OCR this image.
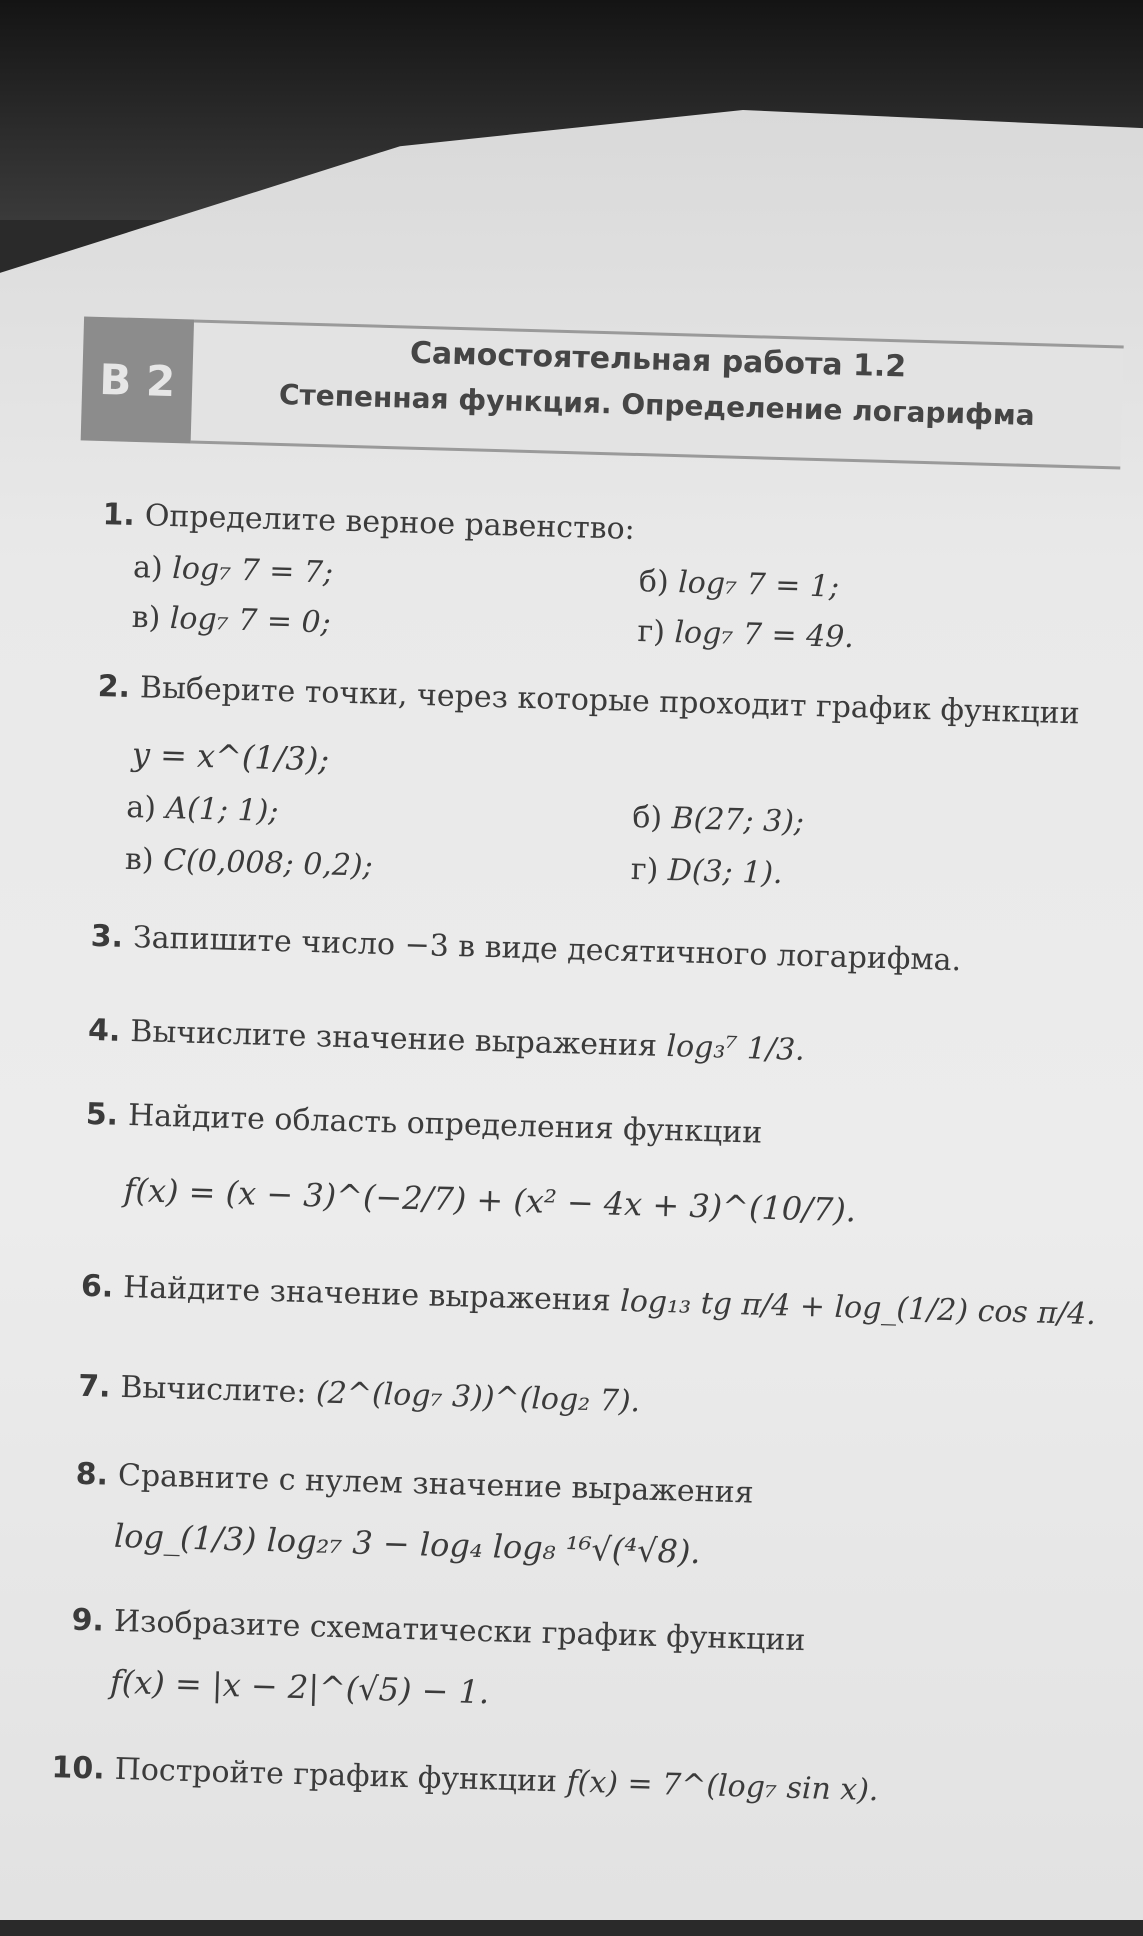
B 2	Самостоятельная работа 1.2
Степенная функция. Определение логарифма
1. Определите верное равенство:
а) log₇ 7 = 7;	б) log₇ 7 = 1;
в) log₇ 7 = 0;	г) log₇ 7 = 49.
2. Выберите точки, через которые проходит график функции
y = x^(1/3);
а) A(1; 1);	б) B(27; 3);
в) C(0,008; 0,2);	г) D(3; 1).
3. Запишите число −3 в виде десятичного логарифма.
4. Вычислите значение выражения log₃⁷ 1/3.
5. Найдите область определения функции
f(x) = (x − 3)^(−2/7) + (x² − 4x + 3)^(10/7).
6. Найдите значение выражения log₁₃ tg π/4 + log_(1/2) cos π/4.
7. Вычислите: (2^(log₇ 3))^(log₂ 7).
8. Сравните с нулем значение выражения
log_(1/3) log₂₇ 3 − log₄ log₈ ¹⁶√(⁴√8).
9. Изобразите схематически график функции
f(x) = |x − 2|^(√5) − 1.
10. Постройте график функции f(x) = 7^(log₇ sin x).
